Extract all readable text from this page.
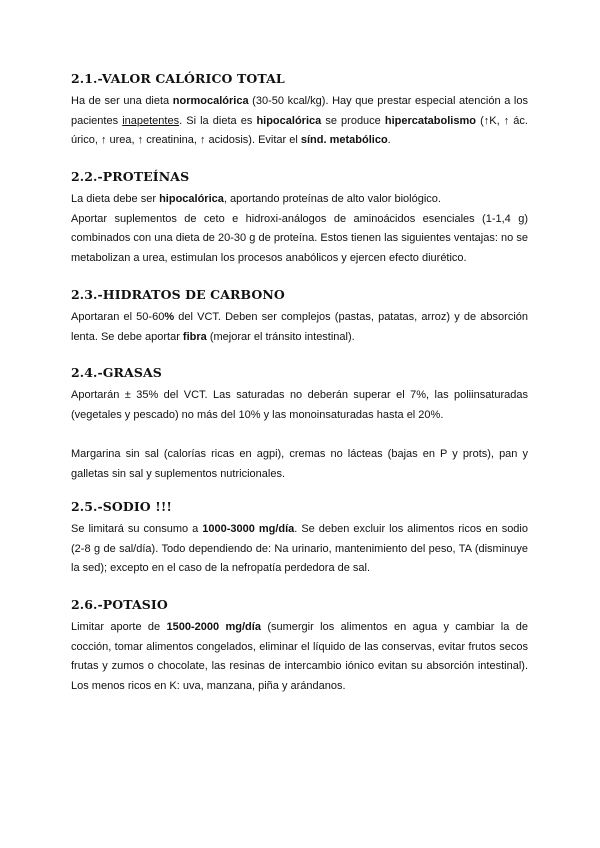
2.1.-VALOR CALÓRICO TOTAL

Ha de ser una dieta normocalórica (30-50 kcal/kg). Hay que prestar especial atención a los pacientes inapetentes. Si la dieta es hipocalórica se produce hipercatabolismo (↑K, ↑ ác. úrico, ↑ urea, ↑ creatinina, ↑ acidosis). Evitar el sínd. metabólico.

2.2.-PROTEÍNAS

La dieta debe ser hipocalórica, aportando proteínas de alto valor biológico.

Aportar suplementos de ceto e hidroxi-análogos de aminoácidos esenciales (1-1,4 g) combinados con una dieta de 20-30 g de proteína. Estos tienen las siguientes ventajas: no se metabolizan a urea, estimulan los procesos anabólicos y ejercen efecto diurético.

2.3.-HIDRATOS DE CARBONO

Aportaran el 50-60% del VCT. Deben ser complejos (pastas, patatas, arroz) y de absorción lenta. Se debe aportar fibra (mejorar el tránsito intestinal).

2.4.-GRASAS

Aportarán ± 35% del VCT. Las saturadas no deberán superar el 7%, las poliinsaturadas (vegetales y pescado) no más del 10% y las monoinsaturadas hasta el 20%.

Margarina sin sal (calorías ricas en agpi), cremas no lácteas (bajas en P y prots), pan y galletas sin sal y suplementos nutricionales.

2.5.-SODIO !!!

Se limitará su consumo a 1000-3000 mg/día. Se deben excluir los alimentos ricos en sodio (2-8 g de sal/día). Todo dependiendo de: Na urinario, mantenimiento del peso, TA (disminuye la sed); excepto en el caso de la nefropatía perdedora de sal.

2.6.-POTASIO

Limitar aporte de 1500-2000 mg/día (sumergir los alimentos en agua y cambiar la de cocción, tomar alimentos congelados, eliminar el líquido de las conservas, evitar frutos secos frutas y zumos o chocolate, las resinas de intercambio iónico evitan su absorción intestinal). Los menos ricos en K: uva, manzana, piña y arándanos.
